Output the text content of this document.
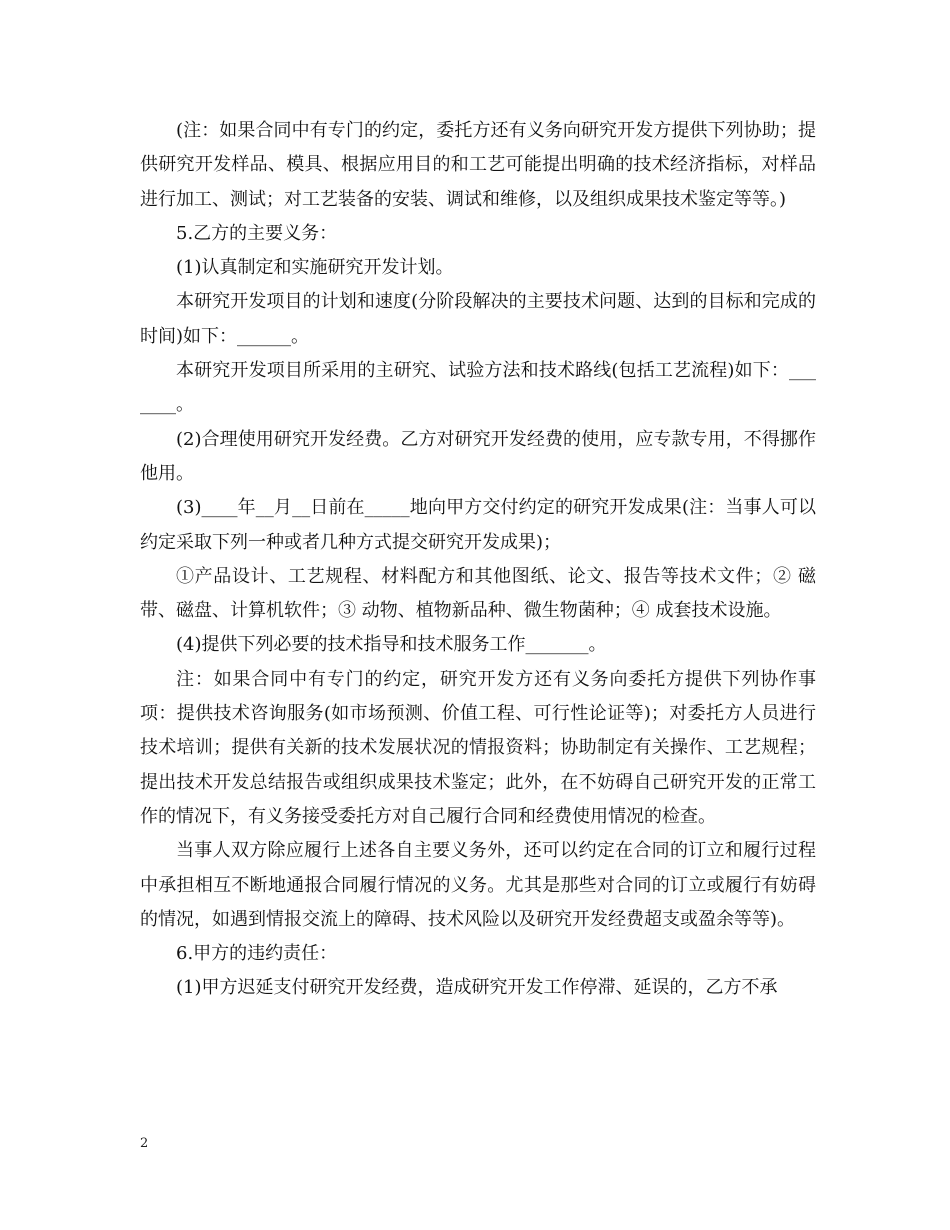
(注：如果合同中有专门的约定，委托方还有义务向研究开发方提供下列协助；提供研究开发样品、模具、根据应用目的和工艺可能提出明确的技术经济指标，对样品进行加工、测试；对工艺装备的安装、调试和维修，以及组织成果技术鉴定等等。)

5.乙方的主要义务：

(1)认真制定和实施研究开发计划。

本研究开发项目的计划和速度(分阶段解决的主要技术问题、达到的目标和完成的时间)如下：______。

本研究开发项目所采用的主研究、试验方法和技术路线(包括工艺流程)如下：_______。

(2)合理使用研究开发经费。乙方对研究开发经费的使用，应专款专用，不得挪作他用。

(3)____年__月__日前在_____地向甲方交付约定的研究开发成果(注：当事人可以约定采取下列一种或者几种方式提交研究开发成果)；

①产品设计、工艺规程、材料配方和其他图纸、论文、报告等技术文件；② 磁带、磁盘、计算机软件；③ 动物、植物新品种、微生物菌种；④ 成套技术设施。

(4)提供下列必要的技术指导和技术服务工作_______。

注：如果合同中有专门的约定，研究开发方还有义务向委托方提供下列协作事项：提供技术咨询服务(如市场预测、价值工程、可行性论证等)；对委托方人员进行技术培训；提供有关新的技术发展状况的情报资料；协助制定有关操作、工艺规程；提出技术开发总结报告或组织成果技术鉴定；此外，在不妨碍自己研究开发的正常工作的情况下，有义务接受委托方对自己履行合同和经费使用情况的检查。

当事人双方除应履行上述各自主要义务外，还可以约定在合同的订立和履行过程中承担相互不断地通报合同履行情况的义务。尤其是那些对合同的订立或履行有妨碍的情况，如遇到情报交流上的障碍、技术风险以及研究开发经费超支或盈余等等)。

6.甲方的违约责任：

(1)甲方迟延支付研究开发经费，造成研究开发工作停滞、延误的，乙方不承

2
